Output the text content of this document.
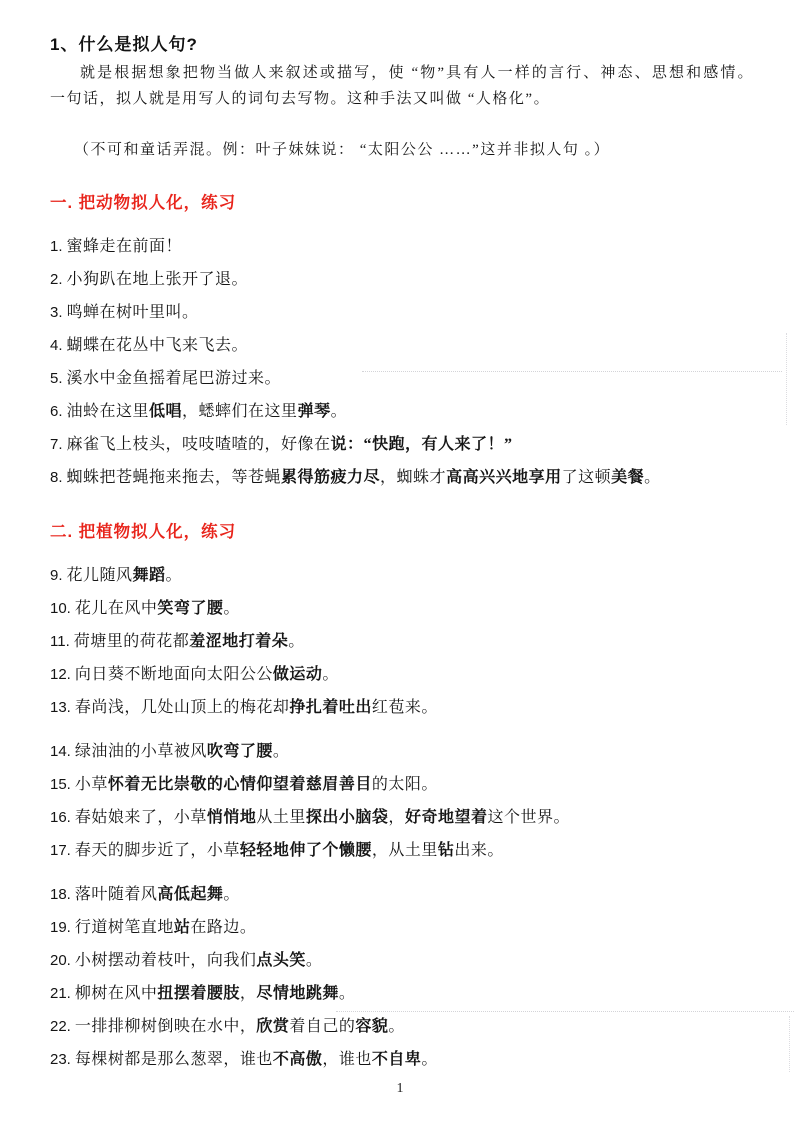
1、什么是拟人句?

就是根据想象把物当做人来叙述或描写，使 “物”具有人一样的言行、神态、思想和感情。

一句话，拟人就是用写人的词句去写物。这种手法又叫做 “人格化”。

（不可和童话弄混。例：叶子妹妹说： “太阳公公 ……”这并非拟人句 。）

一. 把动物拟人化，练习

1. 蜜蜂走在前面！

2. 小狗趴在地上张开了退。

3. 鸣蝉在树叶里叫。

4. 蝴蝶在花丛中飞来飞去。

5. 溪水中金鱼摇着尾巴游过来。

6. 油蛉在这里低唱，蟋蟀们在这里弹琴。

7. 麻雀飞上枝头，吱吱喳喳的，好像在说：“快跑，有人来了！”

8. 蜘蛛把苍蝇拖来拖去，等苍蝇累得筋疲力尽，蜘蛛才高高兴兴地享用了这顿美餐。

二. 把植物拟人化，练习

9. 花儿随风舞蹈。

10. 花儿在风中笑弯了腰。

11. 荷塘里的荷花都羞涩地打着朵。

12. 向日葵不断地面向太阳公公做运动。

13. 春尚浅，几处山顶上的梅花却挣扎着吐出红苞来。

14. 绿油油的小草被风吹弯了腰。

15. 小草怀着无比崇敬的心情仰望着慈眉善目的太阳。

16. 春姑娘来了，小草悄悄地从土里探出小脑袋，好奇地望着这个世界。

17. 春天的脚步近了，小草轻轻地伸了个懒腰，从土里钻出来。

18. 落叶随着风高低起舞。

19. 行道树笔直地站在路边。

20. 小树摆动着枝叶，向我们点头笑。

21. 柳树在风中扭摆着腰肢，尽情地跳舞。

22. 一排排柳树倒映在水中，欣赏着自己的容貌。

23. 每棵树都是那么葱翠，谁也不高傲，谁也不自卑。

1
